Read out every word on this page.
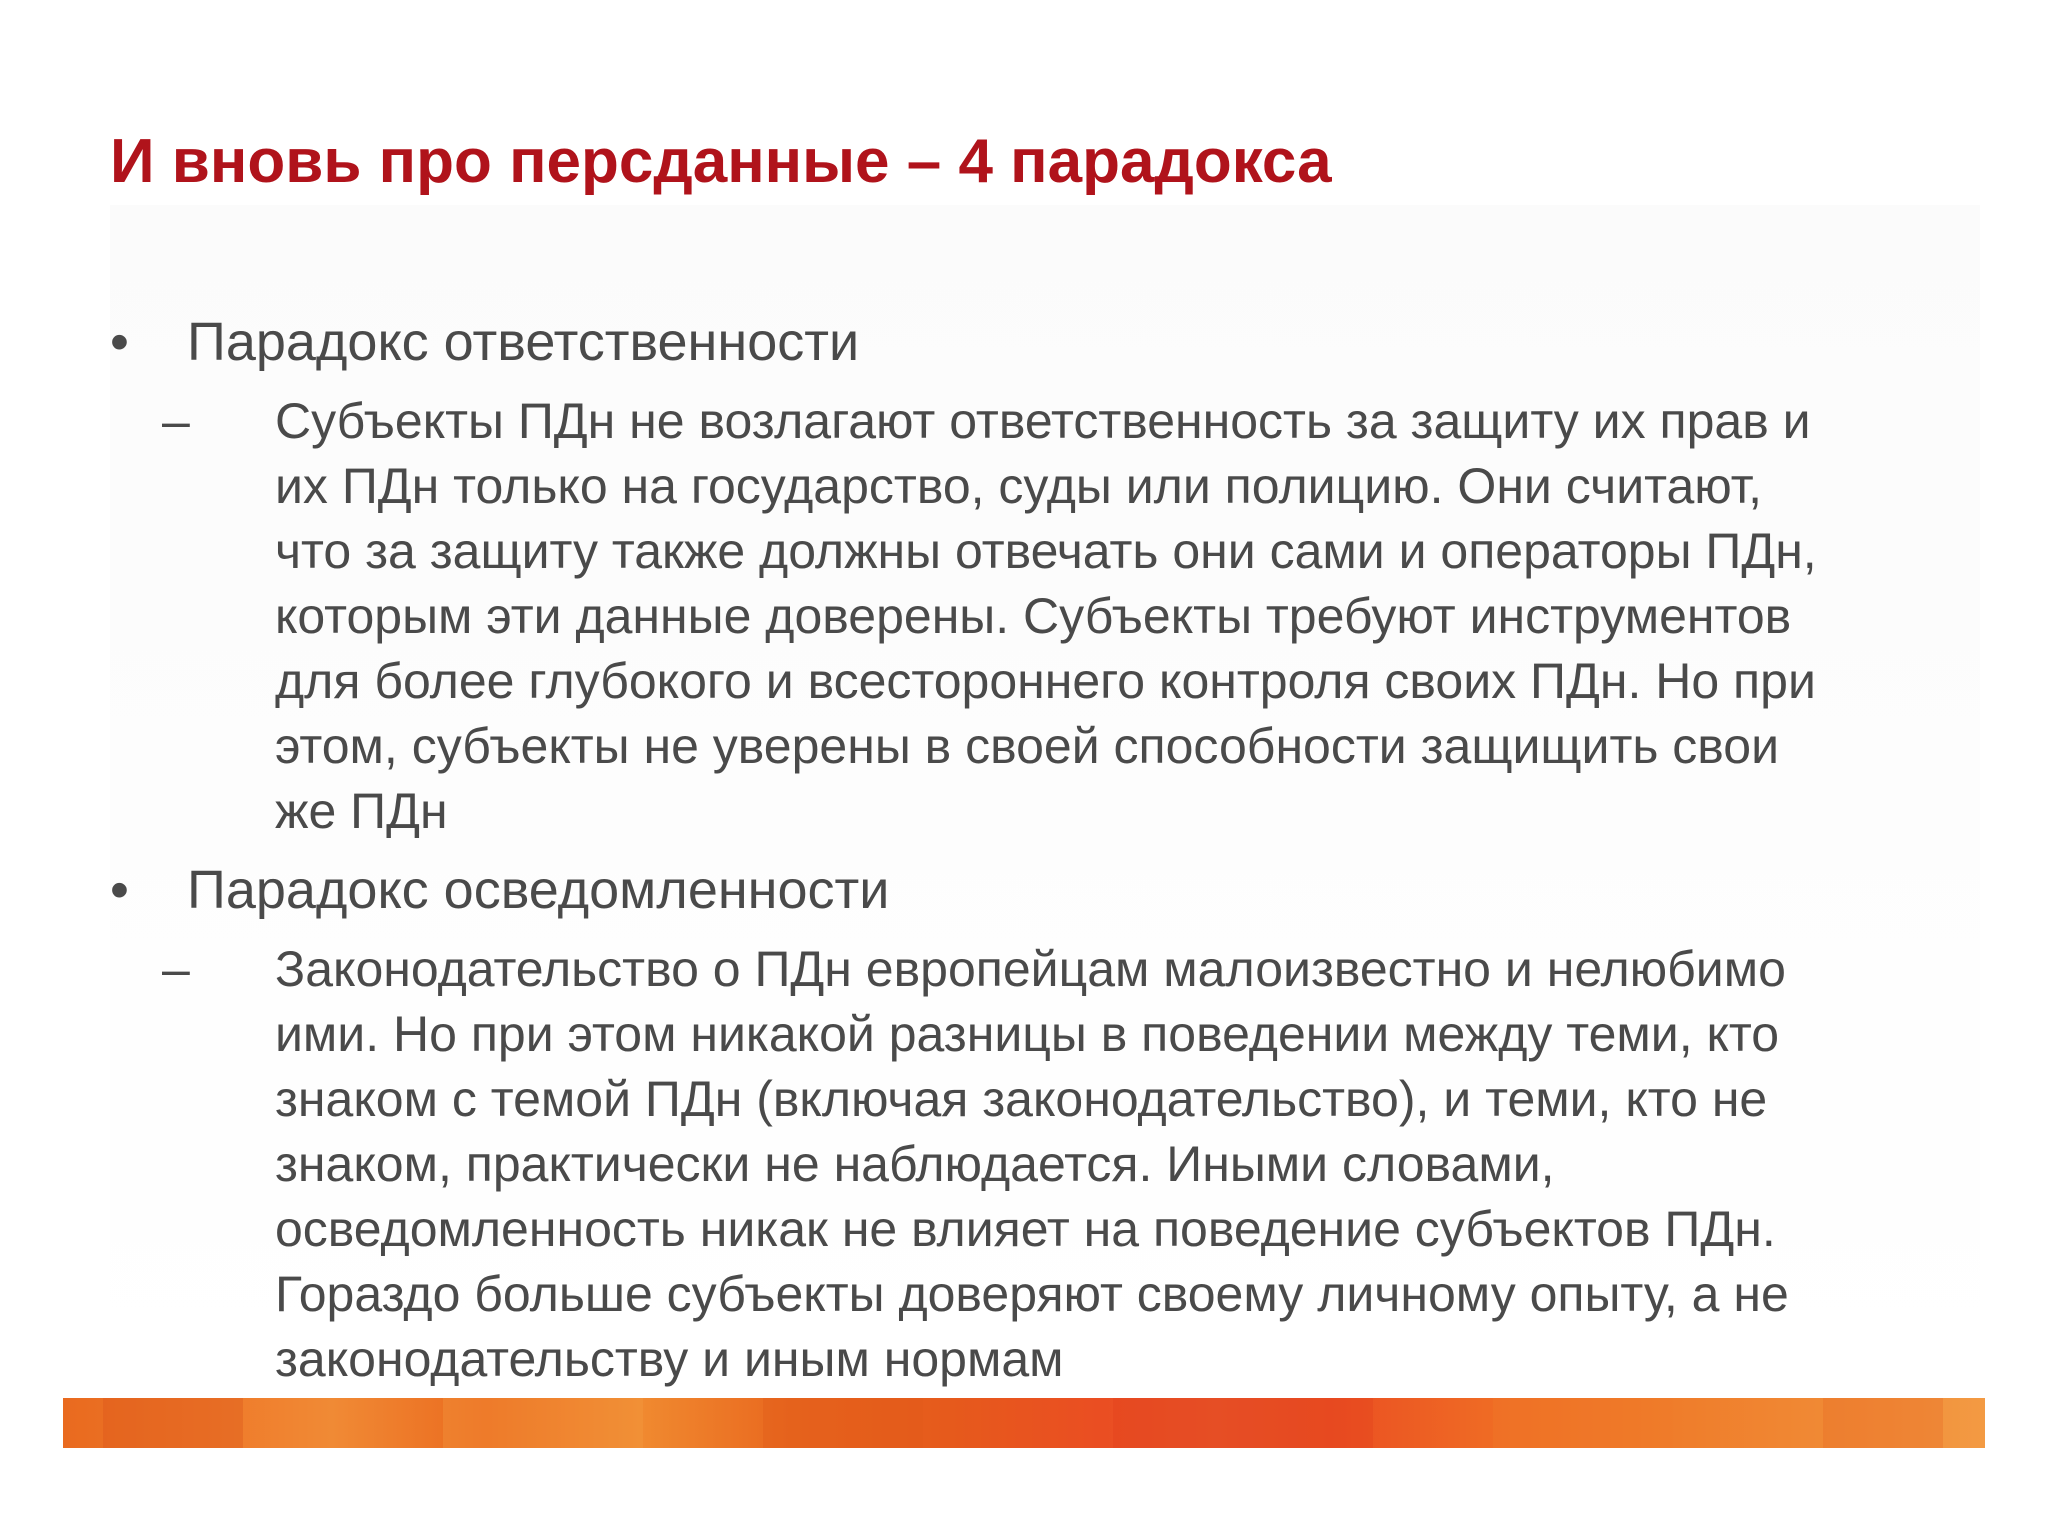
И вновь про персданные – 4 парадокса
•	Парадокс ответственности
– Субъекты ПДн не возлагают ответственность за защиту их прав и
их ПДн только на государство, суды или полицию. Они считают,
что за защиту также должны отвечать они сами и операторы ПДн,
которым эти данные доверены. Субъекты требуют инструментов
для более глубокого и всестороннего контроля своих ПДн. Но при
этом, субъекты не уверены в своей способности защищить свои
же ПДн
•	Парадокс осведомленности
– Законодательство о ПДн европейцам малоизвестно и нелюбимо
ими. Но при этом никакой разницы в поведении между теми, кто
знаком с темой ПДн (включая законодательство), и теми, кто не
знаком, практически не наблюдается. Иными словами,
осведомленность никак не влияет на поведение субъектов ПДн.
Гораздо больше субъекты доверяют своему личному опыту, а не
законодательству и иным нормам
